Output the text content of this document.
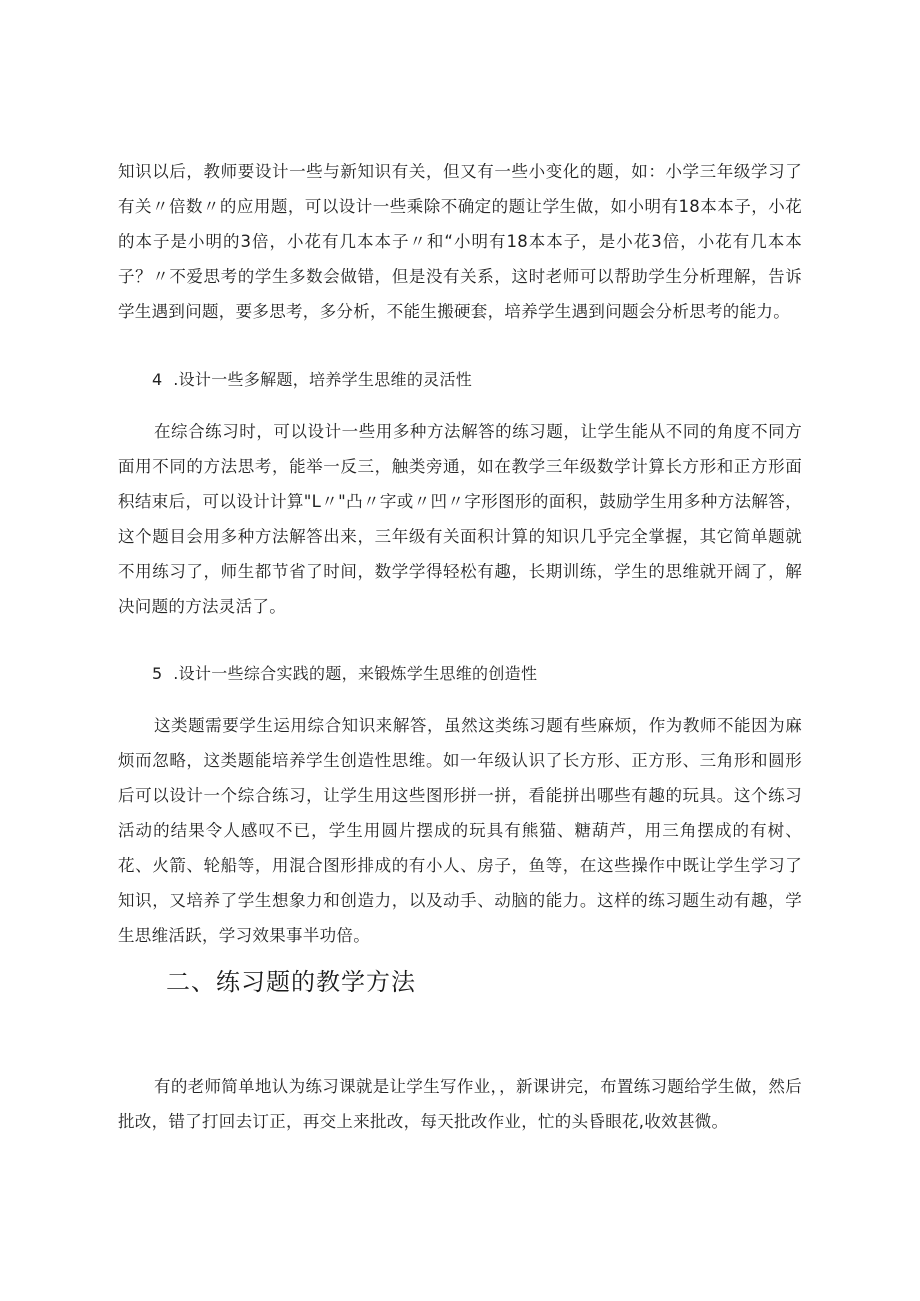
知识以后，教师要设计一些与新知识有关，但又有一些小变化的题，如：小学三年级学习了有关〃倍数〃的应用题，可以设计一些乘除不确定的题让学生做，如小明有18本本子，小花的本子是小明的3倍，小花有几本本子〃和“小明有18本本子，是小花3倍，小花有几本本子？〃不爱思考的学生多数会做错，但是没有关系，这时老师可以帮助学生分析理解，告诉学生遇到问题，要多思考，多分析，不能生搬硬套，培养学生遇到问题会分析思考的能力。

4  .设计一些多解题，培养学生思维的灵活性

在综合练习时，可以设计一些用多种方法解答的练习题，让学生能从不同的角度不同方面用不同的方法思考，能举一反三，触类旁通，如在教学三年级数学计算长方形和正方形面积结束后，可以设计计算"L〃"凸〃字或〃凹〃字形图形的面积，鼓励学生用多种方法解答，这个题目会用多种方法解答出来，三年级有关面积计算的知识几乎完全掌握，其它简单题就不用练习了，师生都节省了时间，数学学得轻松有趣，长期训练，学生的思维就开阔了，解决问题的方法灵活了。

5  .设计一些综合实践的题，来锻炼学生思维的创造性

这类题需要学生运用综合知识来解答，虽然这类练习题有些麻烦，作为教师不能因为麻烦而忽略，这类题能培养学生创造性思维。如一年级认识了长方形、正方形、三角形和圆形后可以设计一个综合练习，让学生用这些图形拼一拼，看能拼出哪些有趣的玩具。这个练习活动的结果令人感叹不已，学生用圆片摆成的玩具有熊猫、糖葫芦，用三角摆成的有树、花、火箭、轮船等，用混合图形排成的有小人、房子，鱼等，在这些操作中既让学生学习了知识，又培养了学生想象力和创造力，以及动手、动脑的能力。这样的练习题生动有趣，学生思维活跃，学习效果事半功倍。

二、练习题的教学方法

有的老师简单地认为练习课就是让学生写作业，，新课讲完，布置练习题给学生做，然后批改，错了打回去订正，再交上来批改，每天批改作业，忙的头昏眼花,收效甚微。
